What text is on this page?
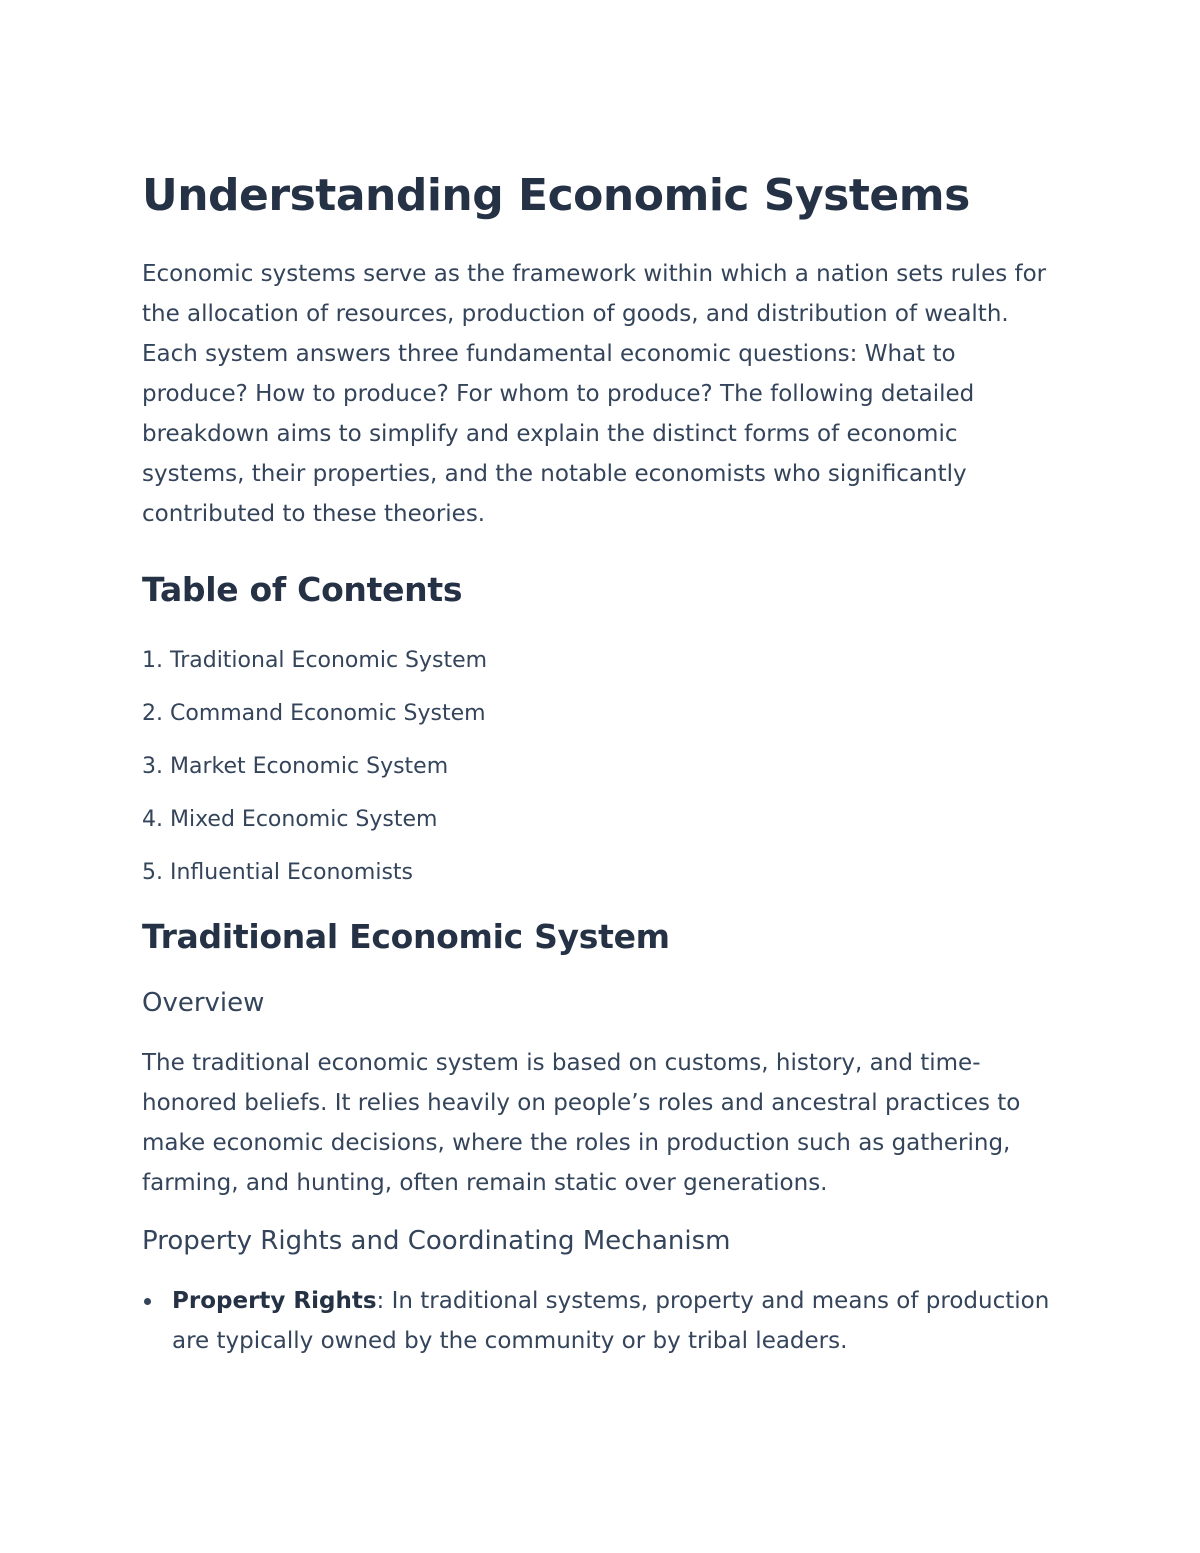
Understanding Economic Systems

Economic systems serve as the framework within which a nation sets rules for the allocation of resources, production of goods, and distribution of wealth. Each system answers three fundamental economic questions: What to produce? How to produce? For whom to produce? The following detailed breakdown aims to simplify and explain the distinct forms of economic systems, their properties, and the notable economists who significantly contributed to these theories.

Table of Contents
1. Traditional Economic System
2. Command Economic System
3. Market Economic System
4. Mixed Economic System
5. Influential Economists
Traditional Economic System
Overview

The traditional economic system is based on customs, history, and time-honored beliefs. It relies heavily on people’s roles and ancestral practices to make economic decisions, where the roles in production such as gathering, farming, and hunting, often remain static over generations.

Property Rights and Coordinating Mechanism
Property Rights: In traditional systems, property and means of production are typically owned by the community or by tribal leaders.
